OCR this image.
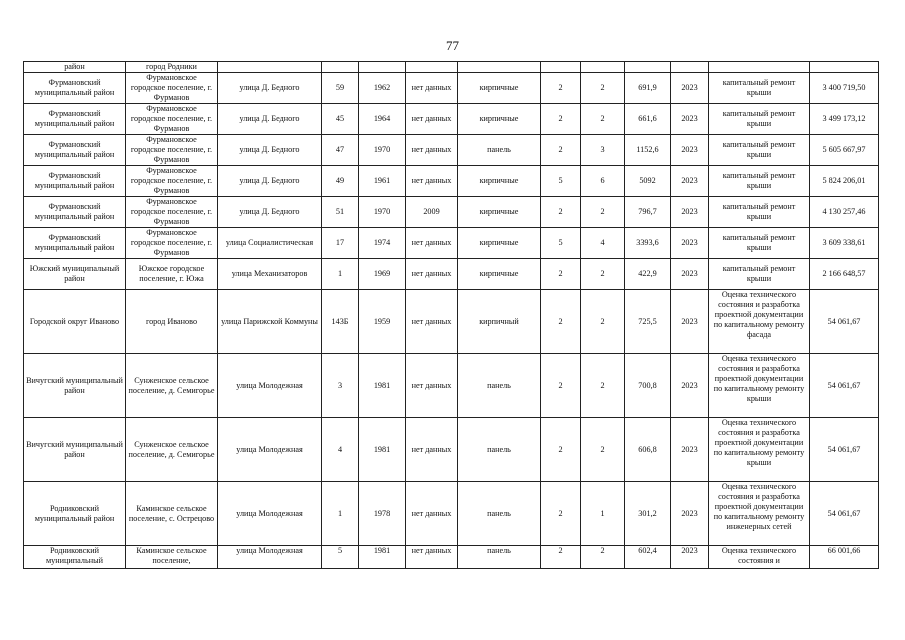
77
район	город Родники											
Фурмановский муниципальный район	Фурмановское городское поселение, г. Фурманов	улица Д. Бедного	59	1962	нет данных	кирпичные	2	2	691,9	2023	капитальный ремонт крыши	3 400 719,50
Фурмановский муниципальный район	Фурмановское городское поселение, г. Фурманов	улица Д. Бедного	45	1964	нет данных	кирпичные	2	2	661,6	2023	капитальный ремонт крыши	3 499 173,12
Фурмановский муниципальный район	Фурмановское городское поселение, г. Фурманов	улица Д. Бедного	47	1970	нет данных	панель	2	3	1152,6	2023	капитальный ремонт крыши	5 605 667,97
Фурмановский муниципальный район	Фурмановское городское поселение, г. Фурманов	улица Д. Бедного	49	1961	нет данных	кирпичные	5	6	5092	2023	капитальный ремонт крыши	5 824 206,01
Фурмановский муниципальный район	Фурмановское городское поселение, г. Фурманов	улица Д. Бедного	51	1970	2009	кирпичные	2	2	796,7	2023	капитальный ремонт крыши	4 130 257,46
Фурмановский муниципальный район	Фурмановское городское поселение, г. Фурманов	улица Социалистическая	17	1974	нет данных	кирпичные	5	4	3393,6	2023	капитальный ремонт крыши	3 609 338,61
Южский муниципальный район	Южское городское поселение, г. Южа	улица Механизаторов	1	1969	нет данных	кирпичные	2	2	422,9	2023	капитальный ремонт крыши	2 166 648,57
Городской округ Иваново	город Иваново	улица Парижской Коммуны	143Б	1959	нет данных	кирпичный	2	2	725,5	2023	Оценка технического состояния и разработка проектной документации по капитальному ремонту фасада	54 061,67
Вичугский муниципальный район	Сунженское сельское поселение, д. Семигорье	улица Молодежная	3	1981	нет данных	панель	2	2	700,8	2023	Оценка технического состояния и разработка проектной документации по капитальному ремонту крыши	54 061,67
Вичугский муниципальный район	Сунженское сельское поселение, д. Семигорье	улица Молодежная	4	1981	нет данных	панель	2	2	606,8	2023	Оценка технического состояния и разработка проектной документации по капитальному ремонту крыши	54 061,67
Родниковский муниципальный район	Каминское сельское поселение, с. Острецово	улица Молодежная	1	1978	нет данных	панель	2	1	301,2	2023	Оценка технического состояния и разработка проектной документации по капитальному ремонту инженерных сетей	54 061,67
Родниковский муниципальный	Каминское сельское поселение,	улица Молодежная	5	1981	нет данных	панель	2	2	602,4	2023	Оценка технического состояния и	66 001,66
